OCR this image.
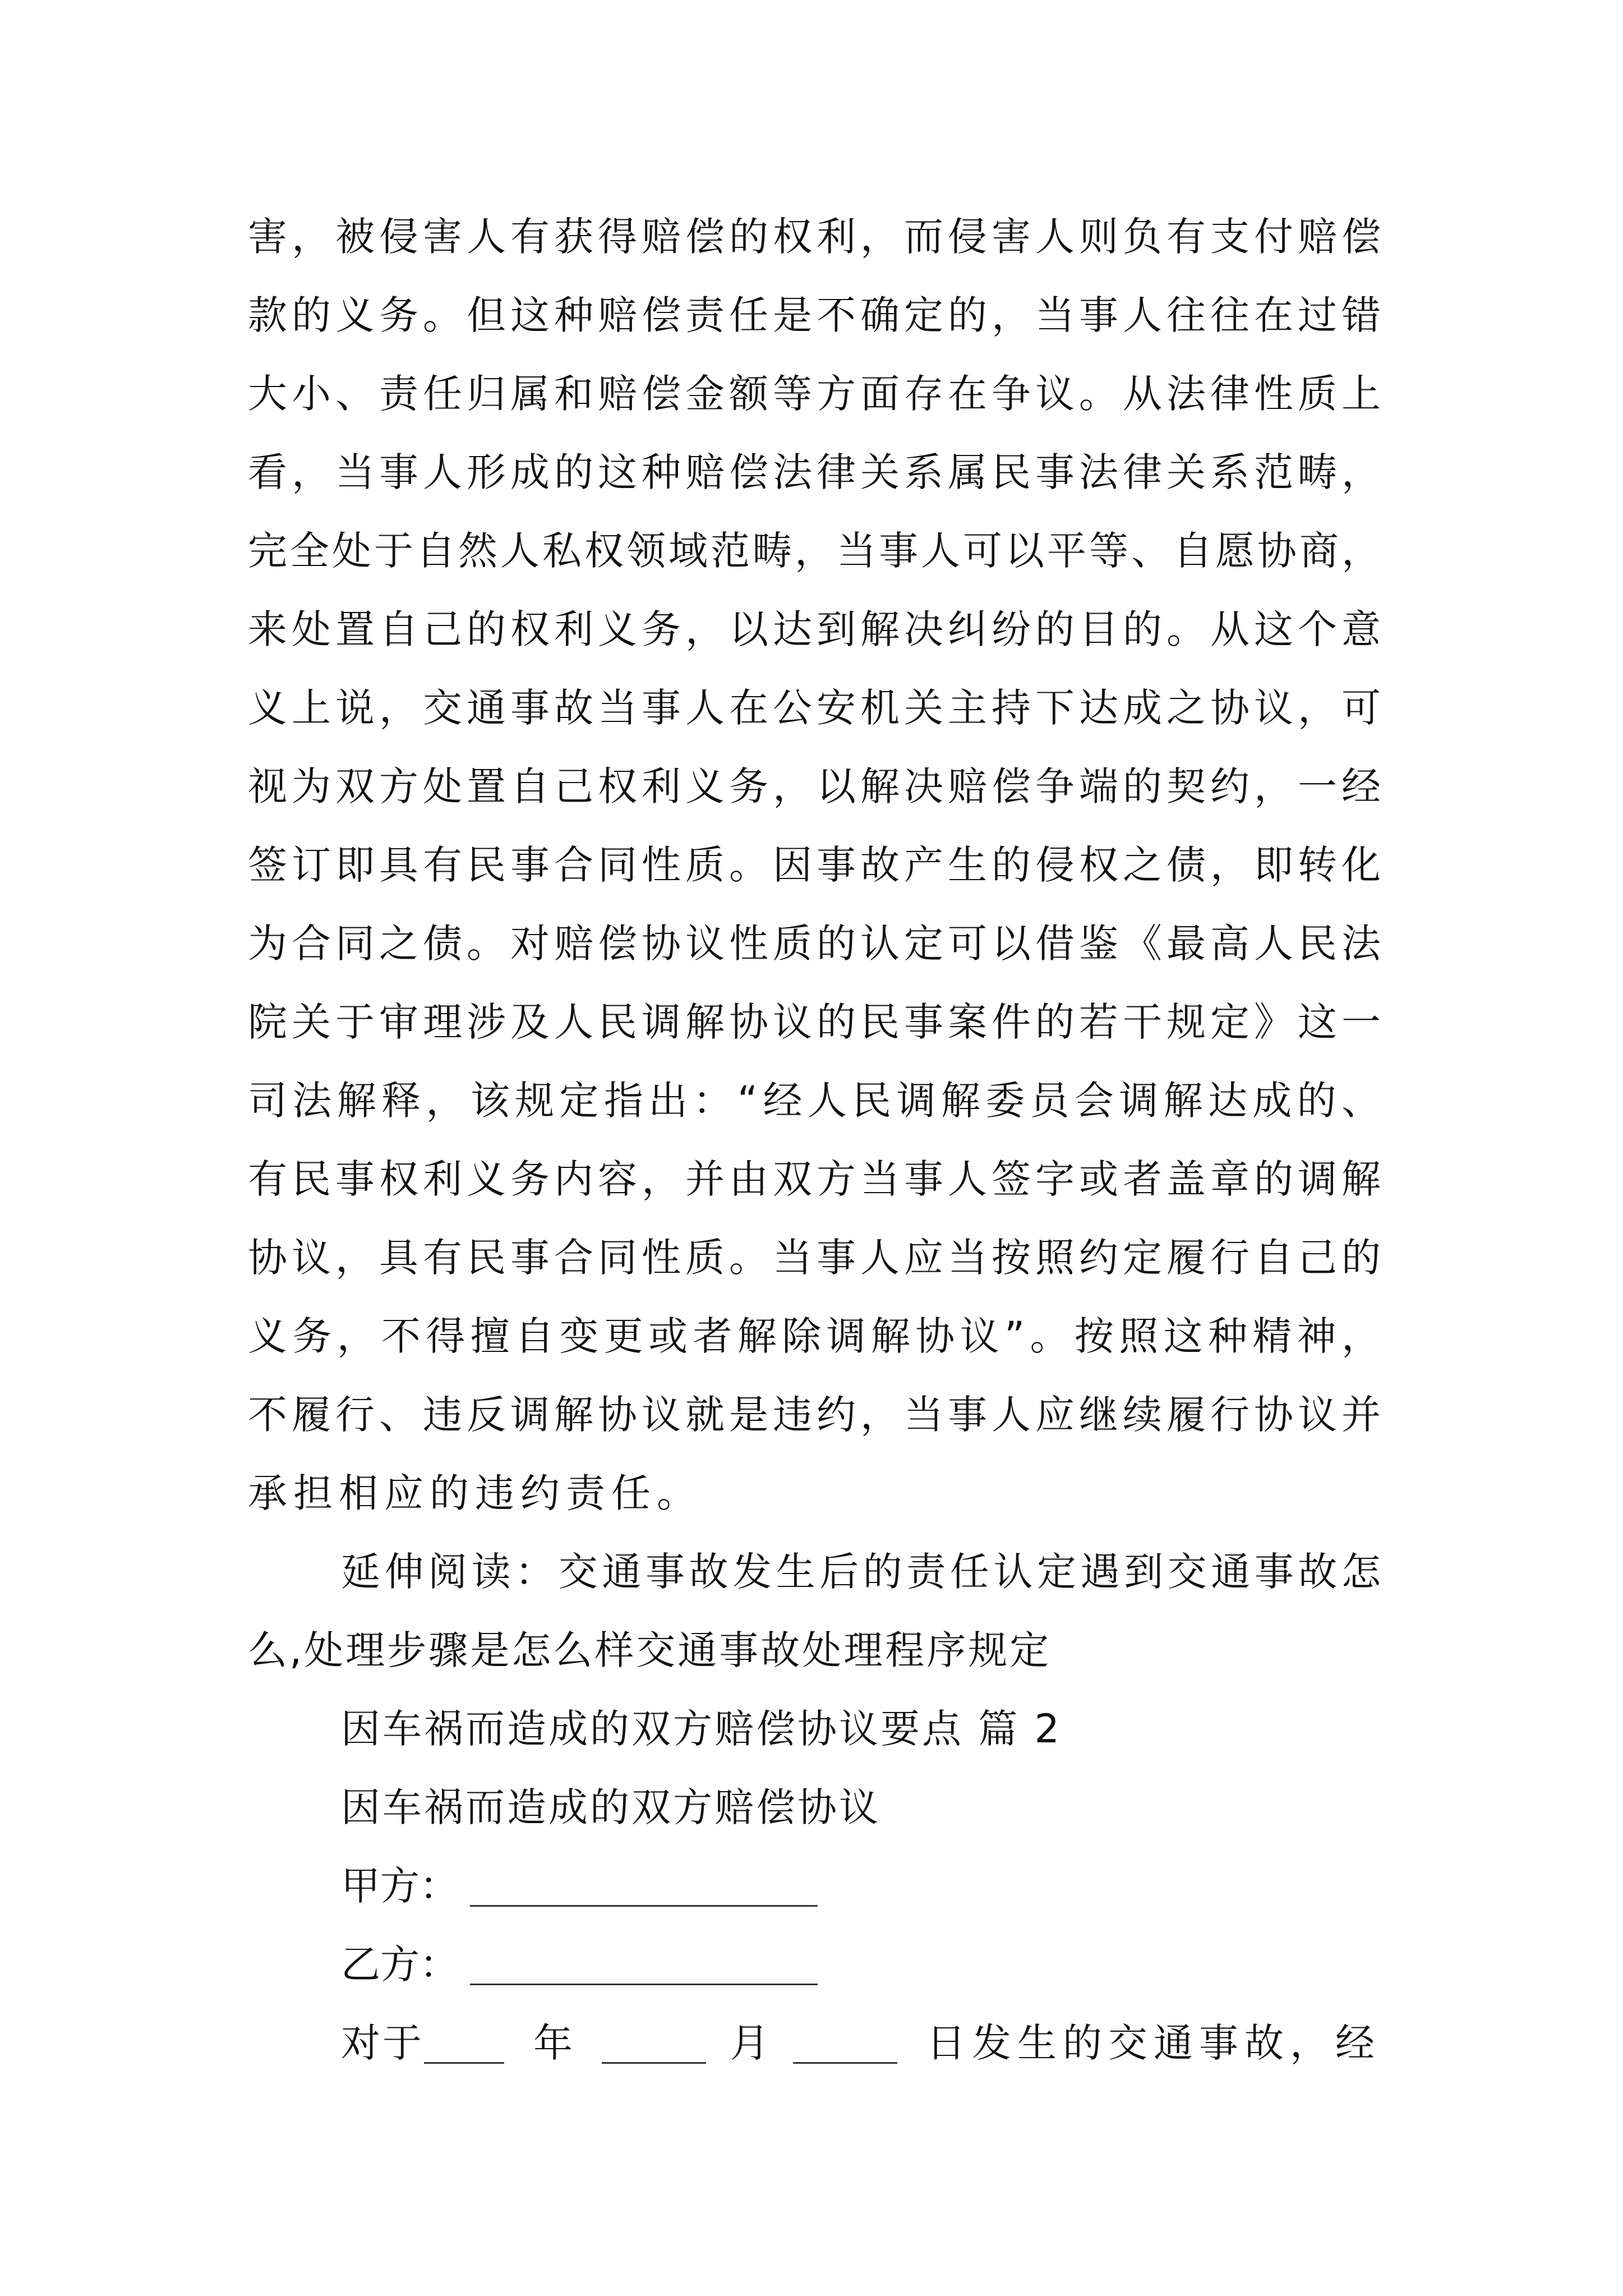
害，被侵害人有获得赔偿的权利，而侵害人则负有支付赔偿
款的义务。但这种赔偿责任是不确定的，当事人往往在过错
大小、责任归属和赔偿金额等方面存在争议。从法律性质上
看，当事人形成的这种赔偿法律关系属民事法律关系范畴，
完全处于自然人私权领域范畴，当事人可以平等、自愿协商，
来处置自己的权利义务，以达到解决纠纷的目的。从这个意
义上说，交通事故当事人在公安机关主持下达成之协议，可
视为双方处置自己权利义务，以解决赔偿争端的契约，一经
签订即具有民事合同性质。因事故产生的侵权之债，即转化
为合同之债。对赔偿协议性质的认定可以借鉴《最高人民法
院关于审理涉及人民调解协议的民事案件的若干规定》这一
司法解释，该规定指出：“经人民调解委员会调解达成的、
有民事权利义务内容，并由双方当事人签字或者盖章的调解
协议，具有民事合同性质。当事人应当按照约定履行自己的
义务，不得擅自变更或者解除调解协议”。按照这种精神，
不履行、违反调解协议就是违约，当事人应继续履行协议并
承担相应的违约责任。
延伸阅读：交通事故发生后的责任认定遇到交通事故怎
么,处理步骤是怎么样交通事故处理程序规定
因车祸而造成的双方赔偿协议要点 篇 2
因车祸而造成的双方赔偿协议
甲方：
乙方：
对于	年	月	日发生的交通事故，经
